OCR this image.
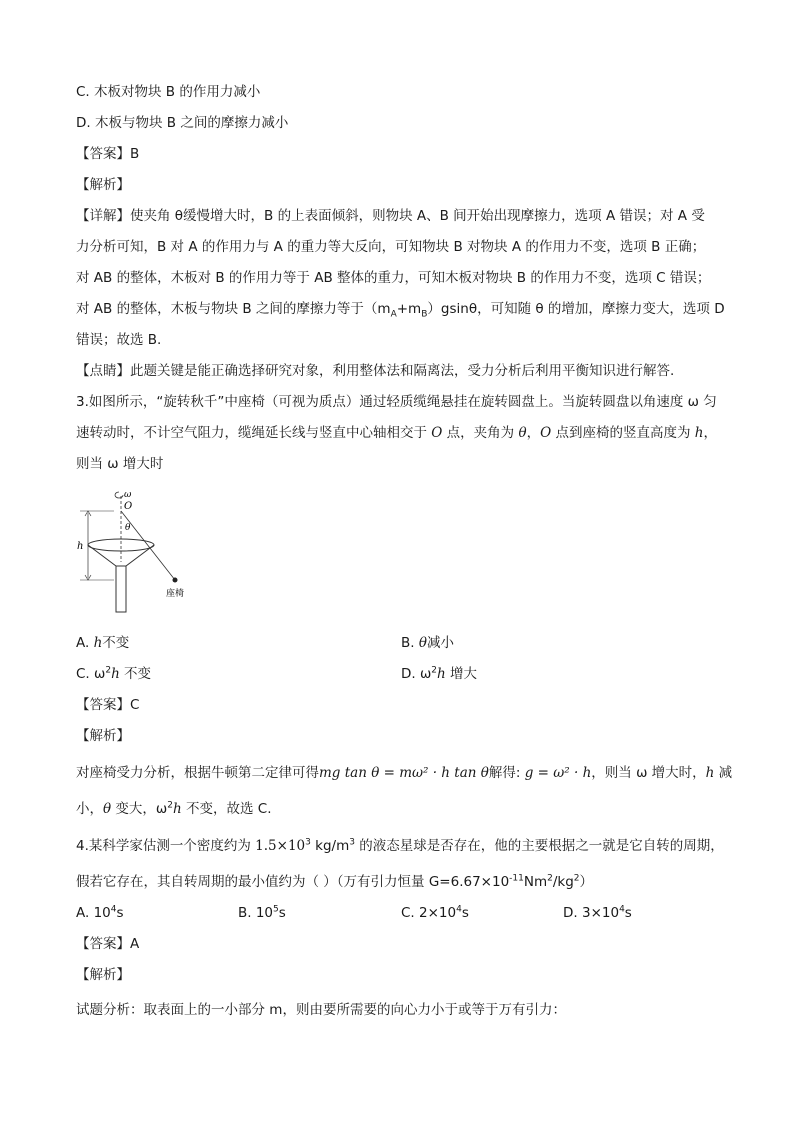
C. 木板对物块 B 的作用力减小
D. 木板与物块 B 之间的摩擦力减小
【答案】B
【解析】
【详解】使夹角 θ缓慢增大时，B 的上表面倾斜，则物块 A、B 间开始出现摩擦力，选项 A 错误；对 A 受
力分析可知，B 对 A 的作用力与 A 的重力等大反向，可知物块 B 对物块 A 的作用力不变，选项 B 正确；
对 AB 的整体，木板对 B 的作用力等于 AB 整体的重力，可知木板对物块 B 的作用力不变，选项 C 错误；
对 AB 的整体，木板与物块 B 之间的摩擦力等于$(m_A+m_B)gsin\theta$，可知随 θ 的增加，摩擦力变大，选项 D
错误；故选 B.
【点睛】此题关键是能正确选择研究对象，利用整体法和隔离法，受力分析后利用平衡知识进行解答.
3.如图所示，“旋转秋千”中座椅（可视为质点）通过轻质缆绳悬挂在旋转圆盘上。当旋转圆盘以角速度 ω 匀
速转动时，不计空气阻力，缆绳延长线与竖直中心轴相交于 O 点，夹角为 θ，O 点到座椅的竖直高度为 h，
则当 ω 增大时
ω
O
θ
座椅
h
A. h不变	B. θ减小
C. $\omega^2h$ 不变	D. $\omega^2h$ 增大
【答案】C
【解析】
对座椅受力分析，根据牛顿第二定律可得mg tan θ = mω² · h tan θ解得: g = ω² · h，则当 ω 增大时，h 减
小，θ 变大，$\omega^2h$ 不变，故选 C.
4.某科学家估测一个密度约为 $1.5\times 10^3$ $kg/m^3$ 的液态星球是否存在，他的主要根据之一就是它自转的周期，
假若它存在，其自转周期的最小值约为（ ）（万有引力恒量 $G=6.67\times 10^{-11}Nm^2/kg^2$）
A. $10^4s$	B. $10^5s$	C. $2\times 10^4s$	D. $3\times 10^4s$
【答案】A
【解析】
试题分析：取表面上的一小部分 m，则由要所需要的向心力小于或等于万有引力：
